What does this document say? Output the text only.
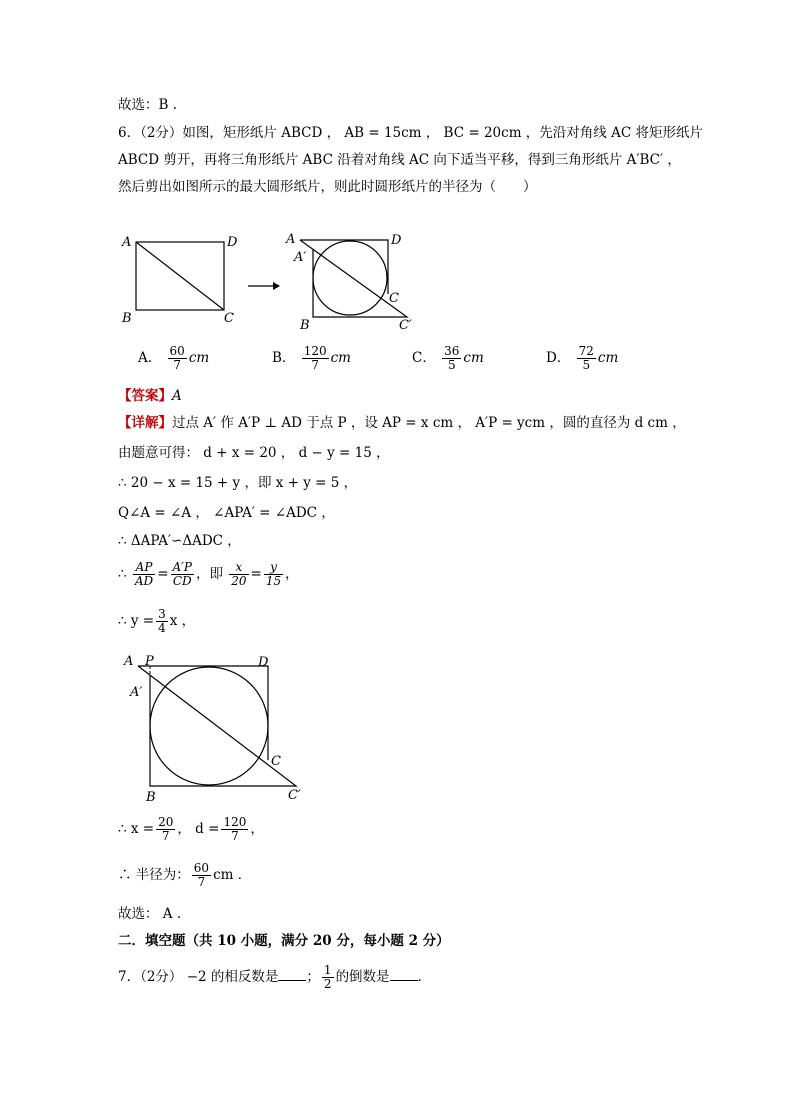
故选：B .
6．（2分）如图，矩形纸片 ABCD ， AB = 15cm ， BC = 20cm ，先沿对角线 AC 将矩形纸片
ABCD 剪开，再将三角形纸片 ABC 沿着对角线 AC 向下适当平移，得到三角形纸片 A′BC′ ，
然后剪出如图所示的最大圆形纸片，则此时圆形纸片的半径为（　　）
A	D
B	C
A
A′
D
C
B	C′
A． $\frac{60}{7}$ cm	B． $\frac{120}{7}$ cm	C． $\frac{36}{5}$ cm	D． $\frac{72}{5}$ cm
【答案】A
【详解】过点 A′ 作 A′P ⊥ AD 于点 P ，设 AP = x cm ， A′P = ycm ，圆的直径为 d cm ，
由题意可得： d + x = 20 ， d − y = 15 ，
∴ 20 − x = 15 + y ，即 x + y = 5 ，
Q∠A = ∠A ， ∠APA′ = ∠ADC ，
∴ ΔAPA′∽ΔADC ，
∴ $\frac{AP}{AD} = \frac{A'P}{CD}$ ，即 $\frac{x}{20} = \frac{y}{15}$ ，
∴ $y = \frac{3}{4}$ x ，
A P	D
A′
C
B	C′
∴ $x = \frac{20}{7}$ ， $d = \frac{120}{7}$ ，
∴ 半径为： $\frac{60}{7}$ cm ．
故选： A ．
二．填空题（共 10 小题，满分 20 分，每小题 2 分）
7．（2分） −2 的相反数是 ； $\frac{1}{2}$ 的倒数是 ．
